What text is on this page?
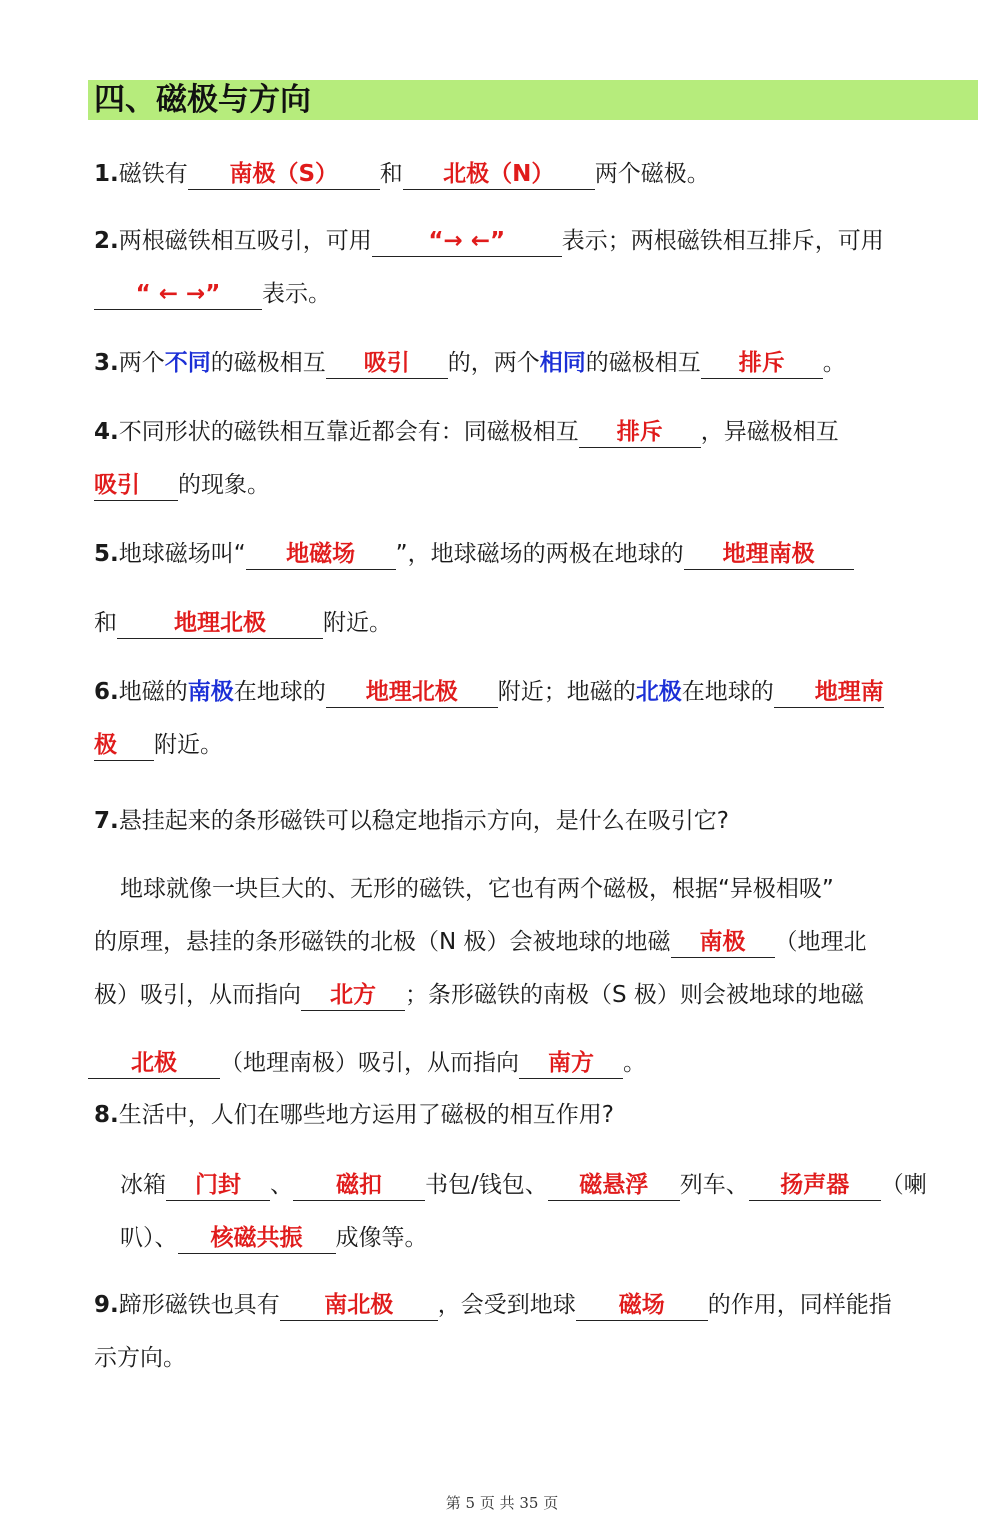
四、磁极与方向
1.磁铁有 南极（S） 和 北极（N） 两个磁极。
2.两根磁铁相互吸引，可用 “→ ←” 表示；两根磁铁相互排斥，可用
“ ← →” 表示。
3.两个不同的磁极相互 吸引 的，两个相同的磁极相互 排斥 。
4.不同形状的磁铁相互靠近都会有：同磁极相互 排斥 ，异磁极相互
吸引 的现象。
5.地球磁场叫“ 地磁场 ”，地球磁场的两极在地球的 地理南极
和 地理北极 附近。
6.地磁的南极在地球的 地理北极 附近；地磁的北极在地球的 地理南
极 附近。
7.悬挂起来的条形磁铁可以稳定地指示方向，是什么在吸引它?
地球就像一块巨大的、无形的磁铁，它也有两个磁极，根据“异极相吸”
的原理，悬挂的条形磁铁的北极（N 极）会被地球的地磁 南极 （地理北
极）吸引，从而指向 北方 ；条形磁铁的南极（S 极）则会被地球的地磁
北极 （地理南极）吸引，从而指向 南方 。
8.生活中，人们在哪些地方运用了磁极的相互作用?
冰箱 门封 、 磁扣 书包/钱包、 磁悬浮 列车、 扬声器 （喇
叭）、 核磁共振 成像等。
9.蹄形磁铁也具有 南北极 ，会受到地球 磁场 的作用，同样能指
示方向。
第 5 页 共 35 页
